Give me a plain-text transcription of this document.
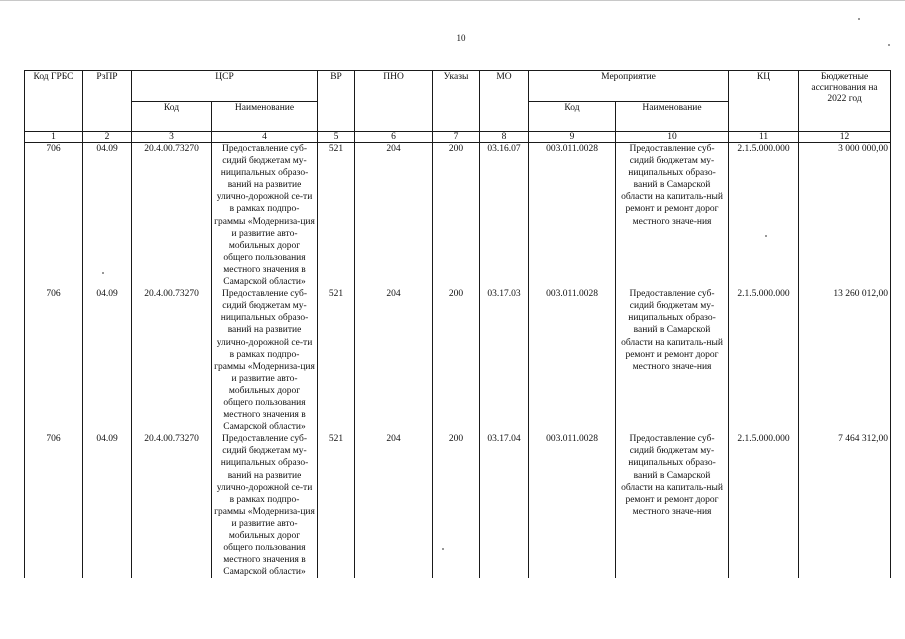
10
Код ГРБС	РзПР	ЦСР		ВР	ПНО	Указы	МО	Мероприятие		КЦ	Бюджетные ассигнования на 2022 год
		Код	Наименование					Код	Наименование		
1	2	3	4	5	6	7	8	9	10	11	12
706	04.09	20.4.00.73270	Предоставление суб-сидий бюджетам му-ниципальных образо-ваний на развитие улично-дорожной се-ти в рамках подпро-граммы «Модерниза-ция и развитие авто-мобильных дорог общего пользования местного значения в Самарской области»	521	204	200	03.16.07	003.011.0028	Предоставление суб-сидий бюджетам му-ниципальных образо-ваний в Самарской области на капиталь-ный ремонт и ремонт дорог местного значе-ния	2.1.5.000.000	3 000 000,00
706	04.09	20.4.00.73270	Предоставление суб-сидий бюджетам му-ниципальных образо-ваний на развитие улично-дорожной се-ти в рамках подпро-граммы «Модерниза-ция и развитие авто-мобильных дорог общего пользования местного значения в Самарской области»	521	204	200	03.17.03	003.011.0028	Предоставление суб-сидий бюджетам му-ниципальных образо-ваний в Самарской области на капиталь-ный ремонт и ремонт дорог местного значе-ния	2.1.5.000.000	13 260 012,00
706	04.09	20.4.00.73270	Предоставление суб-сидий бюджетам му-ниципальных образо-ваний на развитие улично-дорожной се-ти в рамках подпро-граммы «Модерниза-ция и развитие авто-мобильных дорог общего пользования местного значения в Самарской области»	521	204	200	03.17.04	003.011.0028	Предоставление суб-сидий бюджетам му-ниципальных образо-ваний в Самарской области на капиталь-ный ремонт и ремонт дорог местного значе-ния	2.1.5.000.000	7 464 312,00
